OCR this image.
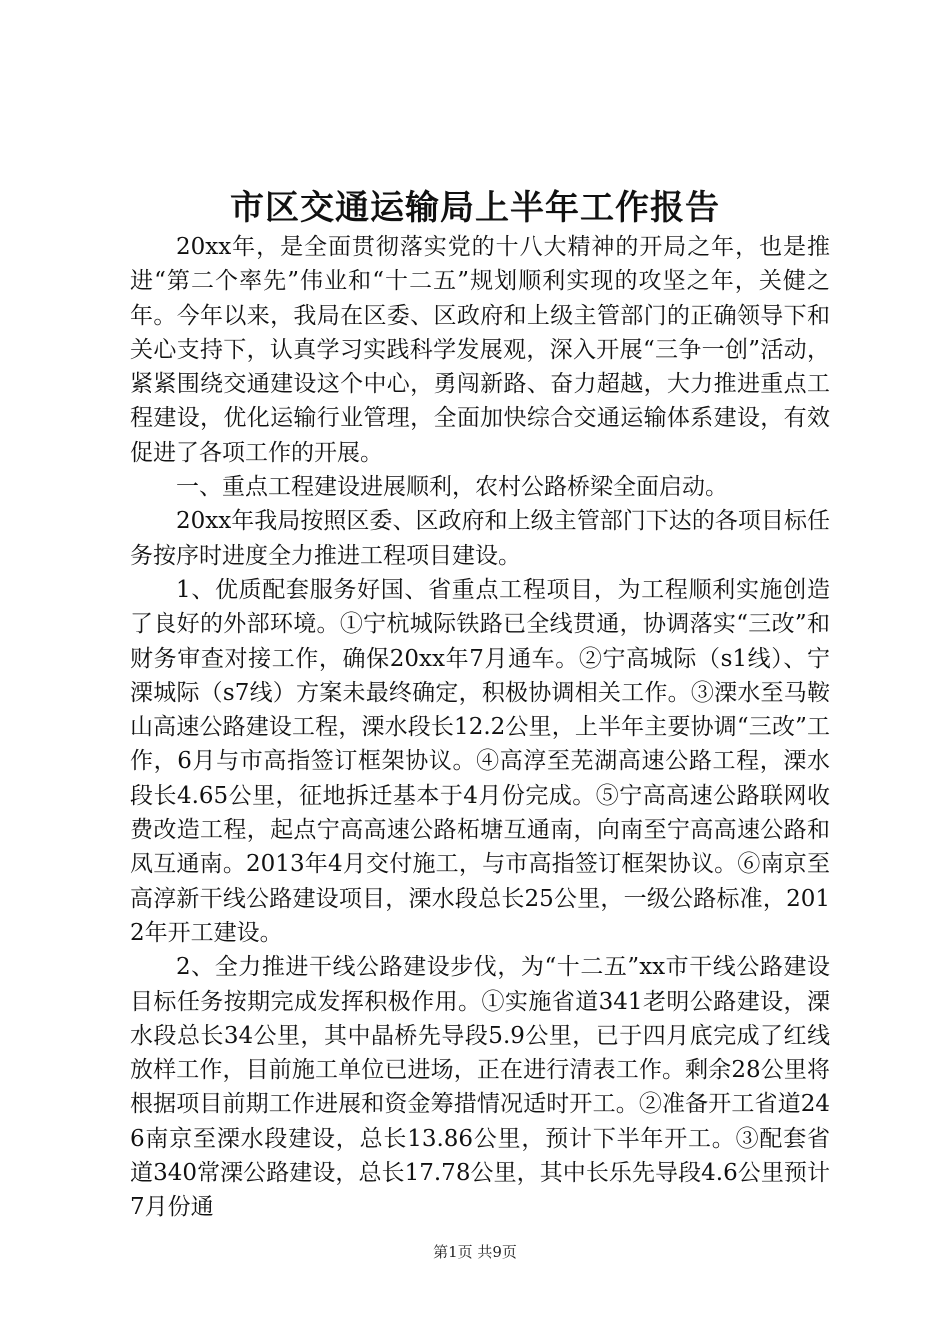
市区交通运输局上半年工作报告

20xx年，是全面贯彻落实党的十八大精神的开局之年，也是推进“第二个率先”伟业和“十二五”规划顺利实现的攻坚之年，关健之年。今年以来，我局在区委、区政府和上级主管部门的正确领导下和关心支持下，认真学习实践科学发展观，深入开展“三争一创”活动，紧紧围绕交通建设这个中心，勇闯新路、奋力超越，大力推进重点工程建设，优化运输行业管理，全面加快综合交通运输体系建设，有效促进了各项工作的开展。

一、重点工程建设进展顺利，农村公路桥梁全面启动。

20xx年我局按照区委、区政府和上级主管部门下达的各项目标任务按序时进度全力推进工程项目建设。

1、优质配套服务好国、省重点工程项目，为工程顺利实施创造了良好的外部环境。①宁杭城际铁路已全线贯通，协调落实“三改”和财务审查对接工作，确保20xx年7月通车。②宁高城际（s1线）、宁溧城际（s7线）方案未最终确定，积极协调相关工作。③溧水至马鞍山高速公路建设工程，溧水段长12.2公里，上半年主要协调“三改”工作，6月与市高指签订框架协议。④高淳至芜湖高速公路工程，溧水段长4.65公里，征地拆迁基本于4月份完成。⑤宁高高速公路联网收费改造工程，起点宁高高速公路柘塘互通南，向南至宁高高速公路和凤互通南。2013年4月交付施工，与市高指签订框架协议。⑥南京至高淳新干线公路建设项目，溧水段总长25公里，一级公路标准，2012年开工建设。

2、全力推进干线公路建设步伐，为“十二五”xx市干线公路建设目标任务按期完成发挥积极作用。①实施省道341老明公路建设，溧水段总长34公里，其中晶桥先导段5.9公里，已于四月底完成了红线放样工作，目前施工单位已进场，正在进行清表工作。剩余28公里将根据项目前期工作进展和资金筹措情况适时开工。②准备开工省道246南京至溧水段建设，总长13.86公里，预计下半年开工。③配套省道340常溧公路建设，总长17.78公里，其中长乐先导段4.6公里预计7月份通

第1页 共9页
